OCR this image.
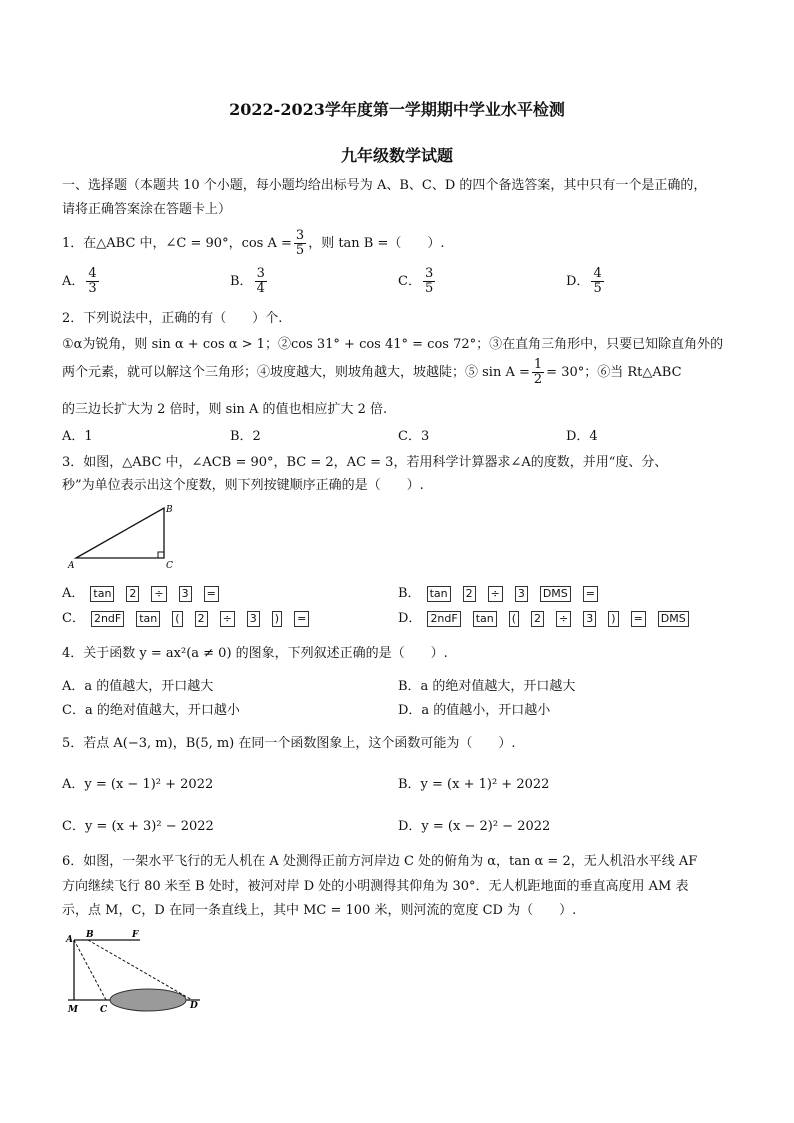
2022-2023学年度第一学期期中学业水平检测
九年级数学试题
一、选择题（本题共 10 个小题，每小题均给出标号为 A、B、C、D 的四个备选答案，其中只有一个是正确的，
请将正确答案涂在答题卡上）
1．在△ABC 中，∠C = 90°，$\cos A = \frac{3}{5}$ ，则 tan B =（　　）.
A． $\frac{4}{3}$	B． $\frac{3}{4}$	C． $\frac{3}{5}$	D． $\frac{4}{5}$
2．下列说法中，正确的有（　　）个.
①α为锐角，则 sin α + cos α > 1；②cos 31° + cos 41° = cos 72°；③在直角三角形中，只要已知除直角外的
两个元素，就可以解这个三角形；④坡度越大，则坡角越大，坡越陡；⑤ $\sin A = \frac{1}{2} = 30^\circ$；⑥当 Rt△ABC
的三边长扩大为 2 倍时，则 sin A 的值也相应扩大 2 倍.
A．1	B．2	C．3	D．4
3．如图，△ABC 中，∠ACB = 90°，BC = 2，AC = 3，若用科学计算器求∠A的度数，并用“度、分、
秒”为单位表示出这个度数，则下列按键顺序正确的是（　　）.
A
B
C
A． tan 2 ÷ 3 =	B． tan 2 ÷ 3 DMS =
C． 2ndF tan ( 2 ÷ 3 ) =	D． 2ndF tan ( 2 ÷ 3 ) = DMS
4．关于函数 y = ax²(a ≠ 0) 的图象，下列叙述正确的是（　　）.
A．a 的值越大，开口越大	B．a 的绝对值越大，开口越大
C．a 的绝对值越大，开口越小	D．a 的值越小，开口越小
5．若点 A(−3, m)，B(5, m) 在同一个函数图象上，这个函数可能为（　　）.
A．y = (x − 1)² + 2022	B．y = (x + 1)² + 2022
C．y = (x + 3)² − 2022	D．y = (x − 2)² − 2022
6．如图，一架水平飞行的无人机在 A 处测得正前方河岸边 C 处的俯角为 α，tan α = 2，无人机沿水平线 AF
方向继续飞行 80 米至 B 处时，被河对岸 D 处的小明测得其仰角为 30°．无人机距地面的垂直高度用 AM 表
示，点 M，C，D 在同一条直线上，其中 MC = 100 米，则河流的宽度 CD 为（　　）.
A B	F
M C	D
